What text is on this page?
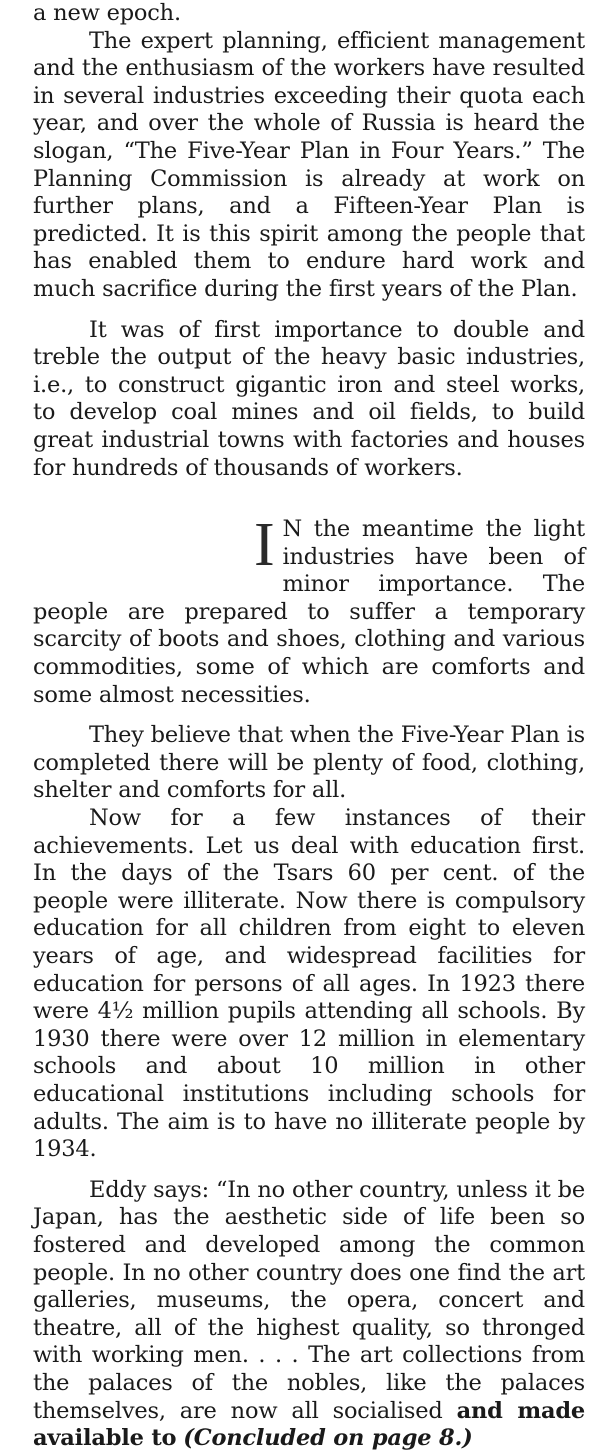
a new epoch.

The expert planning, efficient management and the enthusiasm of the workers have resulted in several industries exceeding their quota each year, and over the whole of Russia is heard the slogan, “The Five-Year Plan in Four Years.” The Planning Commission is already at work on further plans, and a Fifteen-Year Plan is predicted. It is this spirit among the people that has enabled them to endure hard work and much sacrifice during the first years of the Plan.

It was of first importance to double and treble the output of the heavy basic industries, i.e., to construct gigantic iron and steel works, to develop coal mines and oil fields, to build great industrial towns with factories and houses for hundreds of thousands of workers.

I N the meantime the light industries have been of minor importance. The people are prepared to suffer a temporary scarcity of boots and shoes, clothing and various commodities, some of which are comforts and some almost necessities.

They believe that when the Five-Year Plan is completed there will be plenty of food, clothing, shelter and comforts for all.

Now for a few instances of their achievements. Let us deal with education first. In the days of the Tsars 60 per cent. of the people were illiterate. Now there is compulsory education for all children from eight to eleven years of age, and widespread facilities for education for persons of all ages. In 1923 there were 4½ million pupils attending all schools. By 1930 there were over 12 million in elementary schools and about 10 million in other educational institutions including schools for adults. The aim is to have no illiterate people by 1934.

Eddy says: “In no other country, unless it be Japan, has the aesthetic side of life been so fostered and developed among the common people. In no other country does one find the art galleries, museums, the opera, concert and theatre, all of the highest quality, so thronged with working men. . . . The art collections from the palaces of the nobles, like the palaces themselves, are now all socialised and made available to (Concluded on page 8.)
